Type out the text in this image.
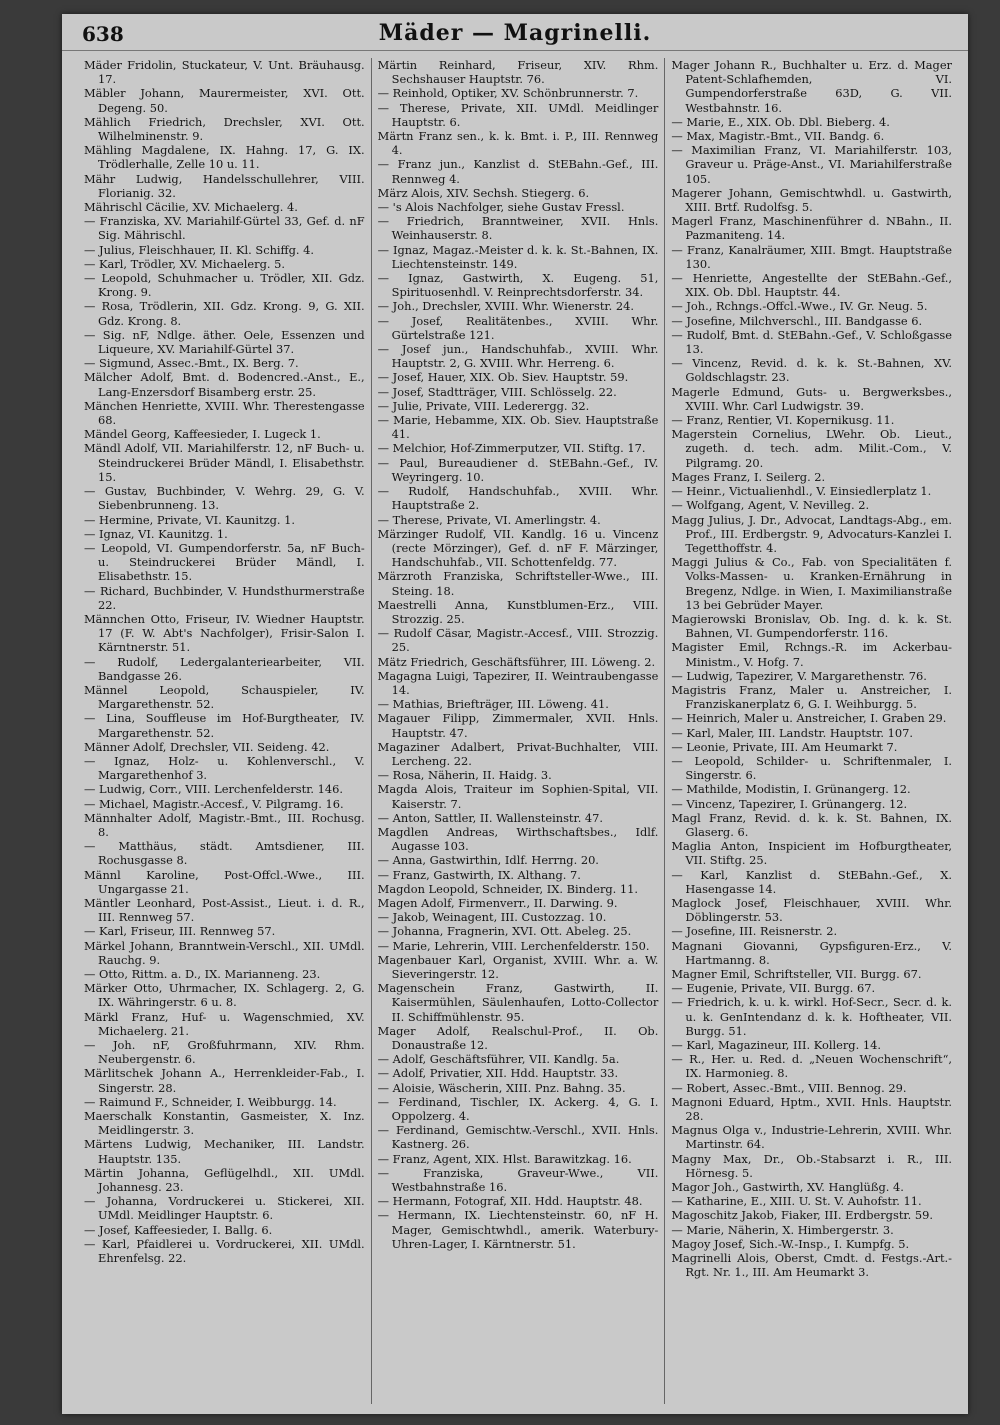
638	Mäder — Magrinelli.
Mäder Fridolin, Stuckateur, V. Unt. Bräuhausg. 17.
Mäbler Johann, Maurermeister, XVI. Ott. Degeng. 50.
Mählich Friedrich, Drechsler, XVI. Ott. Wilhelminenstr. 9.
Mähling Magdalene, IX. Hahng. 17, G. IX. Trödlerhalle, Zelle 10 u. 11.
Mähr Ludwig, Handelsschullehrer, VIII. Florianig. 32.
Mährischl Cäcilie, XV. Michaelerg. 4.
— Franziska, XV. Mariahilf-Gürtel 33, Gef. d. nF Sig. Mährischl.
— Julius, Fleischhauer, II. Kl. Schiffg. 4.
— Karl, Trödler, XV. Michaelerg. 5.
— Leopold, Schuhmacher u. Trödler, XII. Gdz. Krong. 9.
— Rosa, Trödlerin, XII. Gdz. Krong. 9, G. XII. Gdz. Krong. 8.
— Sig. nF, Ndlge. äther. Oele, Essenzen und Liqueure, XV. Mariahilf-Gürtel 37.
— Sigmund, Assec.-Bmt., IX. Berg. 7.
Mälcher Adolf, Bmt. d. Bodencred.-Anst., E., Lang-Enzersdorf Bisamberg erstr. 25.
Mänchen Henriette, XVIII. Whr. Therestengasse 68.
Mändel Georg, Kaffeesieder, I. Lugeck 1.
Mändl Adolf, VII. Mariahilferstr. 12, nF Buch- u. Steindruckerei Brüder Mändl, I. Elisabethstr. 15.
— Gustav, Buchbinder, V. Wehrg. 29, G. V. Siebenbrunneng. 13.
— Hermine, Private, VI. Kaunitzg. 1.
— Ignaz, VI. Kaunitzg. 1.
— Leopold, VI. Gumpendorferstr. 5a, nF Buch- u. Steindruckerei Brüder Mändl, I. Elisabethstr. 15.
— Richard, Buchbinder, V. Hundsthurmerstraße 22.
Männchen Otto, Friseur, IV. Wiedner Hauptstr. 17 (F. W. Abt's Nachfolger), Frisir-Salon I. Kärntnerstr. 51.
— Rudolf, Ledergalanteriearbeiter, VII. Bandgasse 26.
Männel Leopold, Schauspieler, IV. Margarethenstr. 52.
— Lina, Souffleuse im Hof-Burgtheater, IV. Margarethenstr. 52.
Männer Adolf, Drechsler, VII. Seideng. 42.
— Ignaz, Holz- u. Kohlenverschl., V. Margarethenhof 3.
— Ludwig, Corr., VIII. Lerchenfelderstr. 146.
— Michael, Magistr.-Accesf., V. Pilgramg. 16.
Männhalter Adolf, Magistr.-Bmt., III. Rochusg. 8.
— Matthäus, städt. Amtsdiener, III. Rochusgasse 8.
Männl Karoline, Post-Offcl.-Wwe., III. Ungargasse 21.
Mäntler Leonhard, Post-Assist., Lieut. i. d. R., III. Rennweg 57.
— Karl, Friseur, III. Rennweg 57.
Märkel Johann, Branntwein-Verschl., XII. UMdl. Rauchg. 9.
— Otto, Rittm. a. D., IX. Marianneng. 23.
Märker Otto, Uhrmacher, IX. Schlagerg. 2, G. IX. Währingerstr. 6 u. 8.
Märkl Franz, Huf- u. Wagenschmied, XV. Michaelerg. 21.
— Joh. nF, Großfuhrmann, XIV. Rhm. Neubergenstr. 6.
Märlitschek Johann A., Herrenkleider-Fab., I. Singerstr. 28.
— Raimund F., Schneider, I. Weibburgg. 14.
Maerschalk Konstantin, Gasmeister, X. Inz. Meidlingerstr. 3.
Märtens Ludwig, Mechaniker, III. Landstr. Hauptstr. 135.
Märtin Johanna, Geflügelhdl., XII. UMdl. Johannesg. 23.
— Johanna, Vordruckerei u. Stickerei, XII. UMdl. Meidlinger Hauptstr. 6.
— Josef, Kaffeesieder, I. Ballg. 6.
— Karl, Pfaidlerei u. Vordruckerei, XII. UMdl. Ehrenfelsg. 22.
Märtin Reinhard, Friseur, XIV. Rhm. Sechshauser Hauptstr. 76.
— Reinhold, Optiker, XV. Schönbrunnerstr. 7.
— Therese, Private, XII. UMdl. Meidlinger Hauptstr. 6.
Märtn Franz sen., k. k. Bmt. i. P., III. Rennweg 4.
— Franz jun., Kanzlist d. StEBahn.-Gef., III. Rennweg 4.
März Alois, XIV. Sechsh. Stiegerg. 6.
— 's Alois Nachfolger, siehe Gustav Fressl.
— Friedrich, Branntweiner, XVII. Hnls. Weinhauserstr. 8.
— Ignaz, Magaz.-Meister d. k. k. St.-Bahnen, IX. Liechtensteinstr. 149.
— Ignaz, Gastwirth, X. Eugeng. 51, Spirituosenhdl. V. Reinprechtsdorferstr. 34.
— Joh., Drechsler, XVIII. Whr. Wienerstr. 24.
— Josef, Realitätenbes., XVIII. Whr. Gürtelstraße 121.
— Josef jun., Handschuhfab., XVIII. Whr. Hauptstr. 2, G. XVIII. Whr. Herreng. 6.
— Josef, Hauer, XIX. Ob. Siev. Hauptstr. 59.
— Josef, Stadtträger, VIII. Schlösselg. 22.
— Julie, Private, VIII. Lederergg. 32.
— Marie, Hebamme, XIX. Ob. Siev. Hauptstraße 41.
— Melchior, Hof-Zimmerputzer, VII. Stiftg. 17.
— Paul, Bureaudiener d. StEBahn.-Gef., IV. Weyringerg. 10.
— Rudolf, Handschuhfab., XVIII. Whr. Hauptstraße 2.
— Therese, Private, VI. Amerlingstr. 4.
Märzinger Rudolf, VII. Kandlg. 16 u. Vincenz (recte Mörzinger), Gef. d. nF F. Märzinger, Handschuhfab., VII. Schottenfeldg. 77.
Märzroth Franziska, Schriftsteller-Wwe., III. Steing. 18.
Maestrelli Anna, Kunstblumen-Erz., VIII. Strozzig. 25.
— Rudolf Cäsar, Magistr.-Accesf., VIII. Strozzig. 25.
Mätz Friedrich, Geschäftsführer, III. Löweng. 2.
Magagna Luigi, Tapezirer, II. Weintraubengasse 14.
— Mathias, Briefträger, III. Löweng. 41.
Magauer Filipp, Zimmermaler, XVII. Hnls. Hauptstr. 47.
Magaziner Adalbert, Privat-Buchhalter, VIII. Lercheng. 22.
— Rosa, Näherin, II. Haidg. 3.
Magda Alois, Traiteur im Sophien-Spital, VII. Kaiserstr. 7.
— Anton, Sattler, II. Wallensteinstr. 47.
Magdlen Andreas, Wirthschaftsbes., Idlf. Augasse 103.
— Anna, Gastwirthin, Idlf. Herrng. 20.
— Franz, Gastwirth, IX. Althang. 7.
Magdon Leopold, Schneider, IX. Binderg. 11.
Magen Adolf, Firmenverr., II. Darwing. 9.
— Jakob, Weinagent, III. Custozzag. 10.
— Johanna, Fragnerin, XVI. Ott. Abeleg. 25.
— Marie, Lehrerin, VIII. Lerchenfelderstr. 150.
Magenbauer Karl, Organist, XVIII. Whr. a. W. Sieveringerstr. 12.
Magenschein Franz, Gastwirth, II. Kaisermühlen, Säulenhaufen, Lotto-Collector II. Schiffmühlenstr. 95.
Mager Adolf, Realschul-Prof., II. Ob. Donaustraße 12.
— Adolf, Geschäftsführer, VII. Kandlg. 5a.
— Adolf, Privatier, XII. Hdd. Hauptstr. 33.
— Aloisie, Wäscherin, XIII. Pnz. Bahng. 35.
— Ferdinand, Tischler, IX. Ackerg. 4, G. I. Oppolzerg. 4.
— Ferdinand, Gemischtw.-Verschl., XVII. Hnls. Kastnerg. 26.
— Franz, Agent, XIX. Hlst. Barawitzkag. 16.
— Franziska, Graveur-Wwe., VII. Westbahnstraße 16.
— Hermann, Fotograf, XII. Hdd. Hauptstr. 48.
— Hermann, IX. Liechtensteinstr. 60, nF H. Mager, Gemischtwhdl., amerik. Waterbury-Uhren-Lager, I. Kärntnerstr. 51.
Mager Johann R., Buchhalter u. Erz. d. Mager Patent-Schlafhemden, VI. Gumpendorferstraße 63D, G. VII. Westbahnstr. 16.
— Marie, E., XIX. Ob. Dbl. Bieberg. 4.
— Max, Magistr.-Bmt., VII. Bandg. 6.
— Maximilian Franz, VI. Mariahilferstr. 103, Graveur u. Präge-Anst., VI. Mariahilferstraße 105.
Magerer Johann, Gemischtwhdl. u. Gastwirth, XIII. Brtf. Rudolfsg. 5.
Magerl Franz, Maschinenführer d. NBahn., II. Pazmaniteng. 14.
— Franz, Kanalräumer, XIII. Bmgt. Hauptstraße 130.
— Henriette, Angestellte der StEBahn.-Gef., XIX. Ob. Dbl. Hauptstr. 44.
— Joh., Rchngs.-Offcl.-Wwe., IV. Gr. Neug. 5.
— Josefine, Milchverschl., III. Bandgasse 6.
— Rudolf, Bmt. d. StEBahn.-Gef., V. Schloßgasse 13.
— Vincenz, Revid. d. k. k. St.-Bahnen, XV. Goldschlagstr. 23.
Magerle Edmund, Guts- u. Bergwerksbes., XVIII. Whr. Carl Ludwigstr. 39.
— Franz, Rentier, VI. Kopernikusg. 11.
Magerstein Cornelius, LWehr. Ob. Lieut., zugeth. d. tech. adm. Milit.-Com., V. Pilgramg. 20.
Mages Franz, I. Seilerg. 2.
— Heinr., Victualienhdl., V. Einsiedlerplatz 1.
— Wolfgang, Agent, V. Nevilleg. 2.
Magg Julius, J. Dr., Advocat, Landtags-Abg., em. Prof., III. Erdbergstr. 9, Advocaturs-Kanzlei I. Tegetthoffstr. 4.
Maggi Julius & Co., Fab. von Specialitäten f. Volks-Massen- u. Kranken-Ernährung in Bregenz, Ndlge. in Wien, I. Maximilianstraße 13 bei Gebrüder Mayer.
Magierowski Bronislav, Ob. Ing. d. k. k. St. Bahnen, VI. Gumpendorferstr. 116.
Magister Emil, Rchngs.-R. im Ackerbau-Ministm., V. Hofg. 7.
— Ludwig, Tapezirer, V. Margarethenstr. 76.
Magistris Franz, Maler u. Anstreicher, I. Franziskanerplatz 6, G. I. Weihburgg. 5.
— Heinrich, Maler u. Anstreicher, I. Graben 29.
— Karl, Maler, III. Landstr. Hauptstr. 107.
— Leonie, Private, III. Am Heumarkt 7.
— Leopold, Schilder- u. Schriftenmaler, I. Singerstr. 6.
— Mathilde, Modistin, I. Grünangerg. 12.
— Vincenz, Tapezirer, I. Grünangerg. 12.
Magl Franz, Revid. d. k. k. St. Bahnen, IX. Glaserg. 6.
Maglia Anton, Inspicient im Hofburgtheater, VII. Stiftg. 25.
— Karl, Kanzlist d. StEBahn.-Gef., X. Hasengasse 14.
Maglock Josef, Fleischhauer, XVIII. Whr. Döblingerstr. 53.
— Josefine, III. Reisnerstr. 2.
Magnani Giovanni, Gypsfiguren-Erz., V. Hartmanng. 8.
Magner Emil, Schriftsteller, VII. Burgg. 67.
— Eugenie, Private, VII. Burgg. 67.
— Friedrich, k. u. k. wirkl. Hof-Secr., Secr. d. k. u. k. GenIntendanz d. k. k. Hoftheater, VII. Burgg. 51.
— Karl, Magazineur, III. Kollerg. 14.
— R., Her. u. Red. d. „Neuen Wochenschrift“, IX. Harmonieg. 8.
— Robert, Assec.-Bmt., VIII. Bennog. 29.
Magnoni Eduard, Hptm., XVII. Hnls. Hauptstr. 28.
Magnus Olga v., Industrie-Lehrerin, XVIII. Whr. Martinstr. 64.
Magny Max, Dr., Ob.-Stabsarzt i. R., III. Hörnesg. 5.
Magor Joh., Gastwirth, XV. Hanglüßg. 4.
— Katharine, E., XIII. U. St. V. Auhofstr. 11.
Magoschitz Jakob, Fiaker, III. Erdbergstr. 59.
— Marie, Näherin, X. Himbergerstr. 3.
Magoy Josef, Sich.-W.-Insp., I. Kumpfg. 5.
Magrinelli Alois, Oberst, Cmdt. d. Festgs.-Art.-Rgt. Nr. 1., III. Am Heumarkt 3.
